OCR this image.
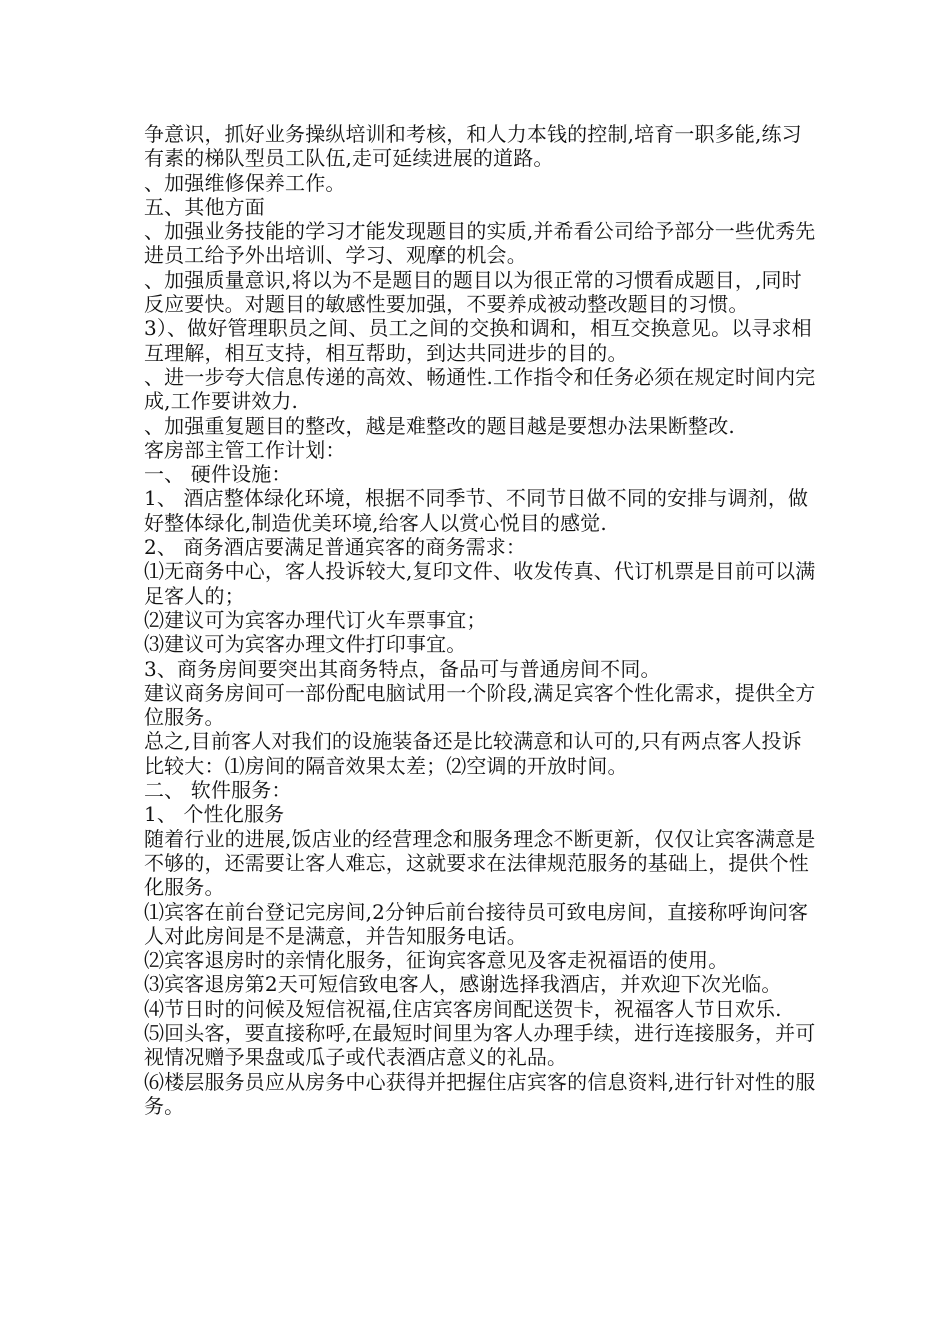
争意识，抓好业务操纵培训和考核，和人力本钱的控制,培育一职多能,练习有素的梯队型员工队伍,走可延续进展的道路。

、加强维修保养工作。

五、其他方面

、加强业务技能的学习才能发现题目的实质,并希看公司给予部分一些优秀先进员工给予外出培训、学习、观摩的机会。

、加强质量意识,将以为不是题目的题目以为很正常的习惯看成题目，,同时反应要快。对题目的敏感性要加强，不要养成被动整改题目的习惯。

3）、做好管理职员之间、员工之间的交换和调和，相互交换意见。以寻求相互理解，相互支持，相互帮助，到达共同进步的目的。

、进一步夸大信息传递的高效、畅通性.工作指令和任务必须在规定时间内完成,工作要讲效力.

、加强重复题目的整改，越是难整改的题目越是要想办法果断整改.

客房部主管工作计划：

一、 硬件设施：

1、 酒店整体绿化环境，根据不同季节、不同节日做不同的安排与调剂，做好整体绿化,制造优美环境,给客人以赏心悦目的感觉.

2、 商务酒店要满足普通宾客的商务需求：

⑴无商务中心，客人投诉较大,复印文件、收发传真、代订机票是目前可以满足客人的；

⑵建议可为宾客办理代订火车票事宜；

⑶建议可为宾客办理文件打印事宜。

3、商务房间要突出其商务特点，备品可与普通房间不同。

建议商务房间可一部份配电脑试用一个阶段,满足宾客个性化需求，提供全方位服务。

总之,目前客人对我们的设施装备还是比较满意和认可的,只有两点客人投诉比较大：⑴房间的隔音效果太差；⑵空调的开放时间。

二、 软件服务：

1、 个性化服务

随着行业的进展,饭店业的经营理念和服务理念不断更新，仅仅让宾客满意是不够的，还需要让客人难忘，这就要求在法律规范服务的基础上，提供个性化服务。

⑴宾客在前台登记完房间,2分钟后前台接待员可致电房间，直接称呼询问客人对此房间是不是满意，并告知服务电话。

⑵宾客退房时的亲情化服务，征询宾客意见及客走祝福语的使用。

⑶宾客退房第2天可短信致电客人，感谢选择我酒店，并欢迎下次光临。

⑷节日时的问候及短信祝福,住店宾客房间配送贺卡，祝福客人节日欢乐.

⑸回头客，要直接称呼,在最短时间里为客人办理手续，进行连接服务，并可视情况赠予果盘或瓜子或代表酒店意义的礼品。

⑹楼层服务员应从房务中心获得并把握住店宾客的信息资料,进行针对性的服务。
